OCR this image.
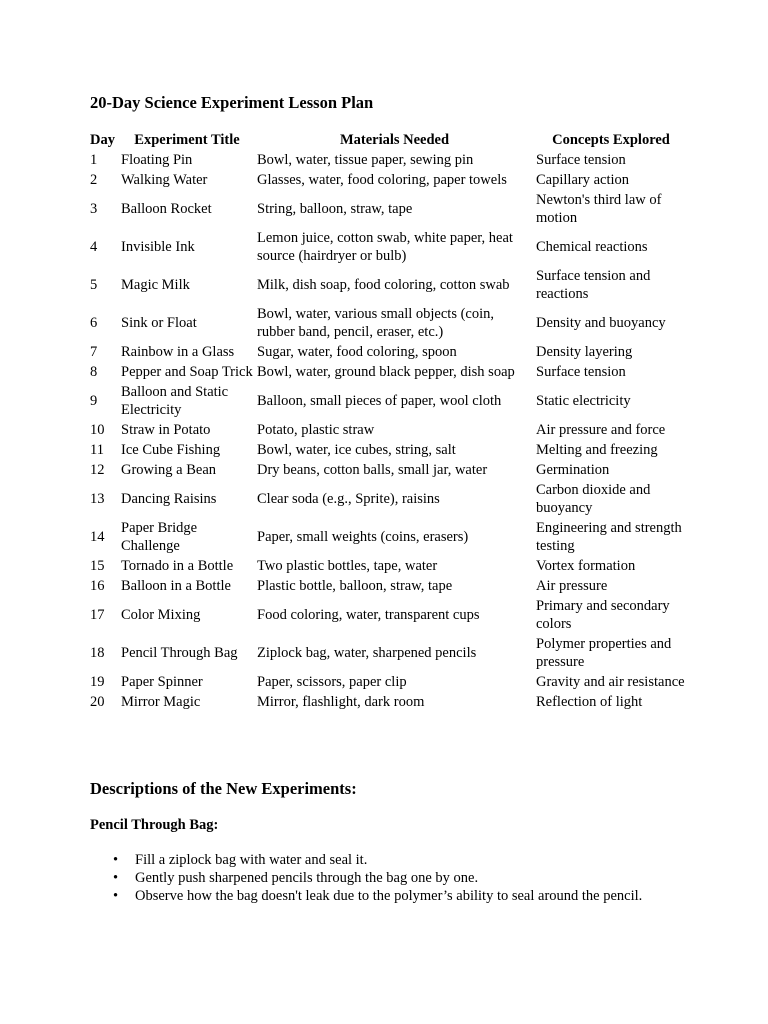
20-Day Science Experiment Lesson Plan
Day	Experiment Title	Materials Needed	Concepts Explored
1	Floating Pin	Bowl, water, tissue paper, sewing pin	Surface tension
2	Walking Water	Glasses, water, food coloring, paper towels	Capillary action
3	Balloon Rocket	String, balloon, straw, tape	Newton's third law of motion
4	Invisible Ink	Lemon juice, cotton swab, white paper, heat source (hairdryer or bulb)	Chemical reactions
5	Magic Milk	Milk, dish soap, food coloring, cotton swab	Surface tension and reactions
6	Sink or Float	Bowl, water, various small objects (coin, rubber band, pencil, eraser, etc.)	Density and buoyancy
7	Rainbow in a Glass	Sugar, water, food coloring, spoon	Density layering
8	Pepper and Soap Trick	Bowl, water, ground black pepper, dish soap	Surface tension
9	Balloon and Static Electricity	Balloon, small pieces of paper, wool cloth	Static electricity
10	Straw in Potato	Potato, plastic straw	Air pressure and force
11	Ice Cube Fishing	Bowl, water, ice cubes, string, salt	Melting and freezing
12	Growing a Bean	Dry beans, cotton balls, small jar, water	Germination
13	Dancing Raisins	Clear soda (e.g., Sprite), raisins	Carbon dioxide and buoyancy
14	Paper Bridge Challenge	Paper, small weights (coins, erasers)	Engineering and strength testing
15	Tornado in a Bottle	Two plastic bottles, tape, water	Vortex formation
16	Balloon in a Bottle	Plastic bottle, balloon, straw, tape	Air pressure
17	Color Mixing	Food coloring, water, transparent cups	Primary and secondary colors
18	Pencil Through Bag	Ziplock bag, water, sharpened pencils	Polymer properties and pressure
19	Paper Spinner	Paper, scissors, paper clip	Gravity and air resistance
20	Mirror Magic	Mirror, flashlight, dark room	Reflection of light
Descriptions of the New Experiments:
Pencil Through Bag:
• Fill a ziplock bag with water and seal it.
• Gently push sharpened pencils through the bag one by one.
• Observe how the bag doesn't leak due to the polymer’s ability to seal around the pencil.
